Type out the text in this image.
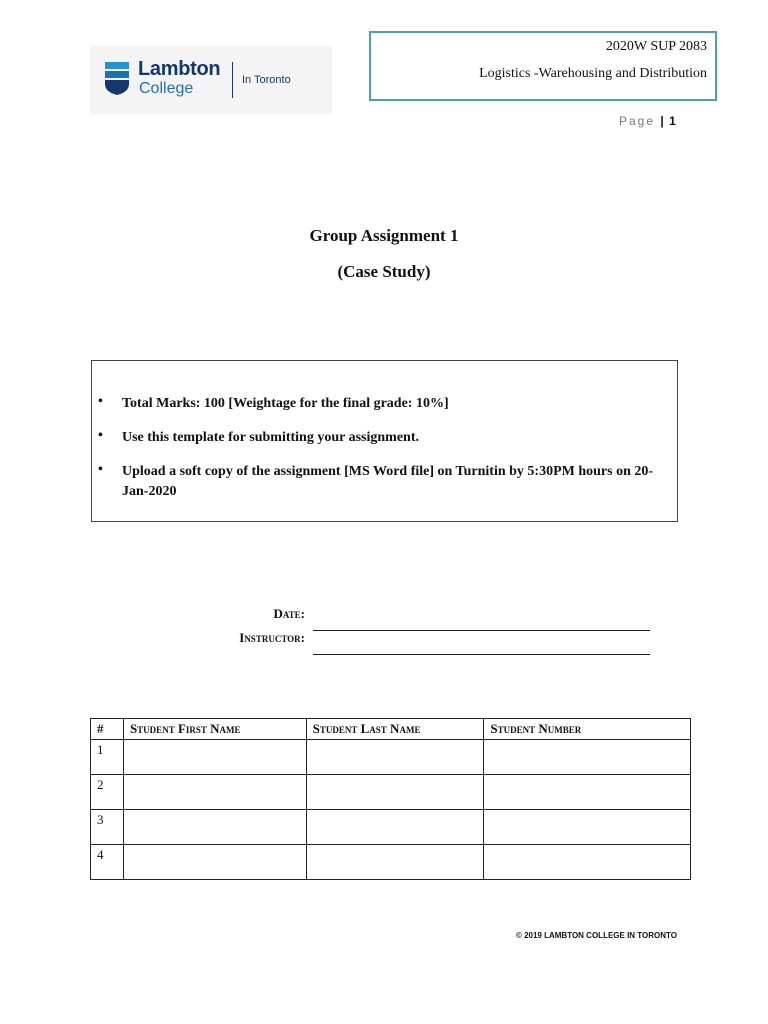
Lambton
College	In Toronto
2020W SUP 2083
Logistics -Warehousing and Distribution
Page | 1
Group Assignment 1
(Case Study)
•	Total Marks: 100 [Weightage for the final grade: 10%]
•	Use this template for submitting your assignment.
•	Upload a soft copy of the assignment [MS Word file] on Turnitin by 5:30PM hours on 20-Jan-2020
Date:
Instructor:
#	Student First Name	Student Last Name	Student Number
1			
2			
3			
4			
© 2019 LAMBTON COLLEGE IN TORONTO
